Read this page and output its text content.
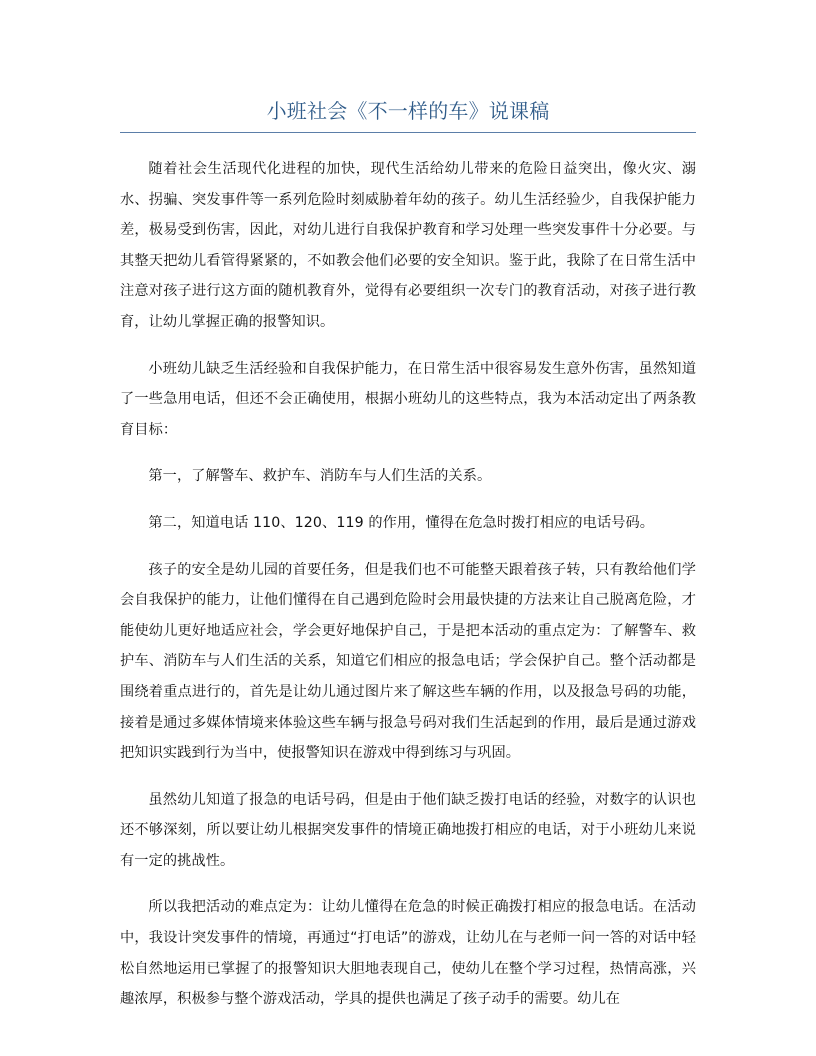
小班社会《不一样的车》说课稿

随着社会生活现代化进程的加快，现代生活给幼儿带来的危险日益突出，像火灾、溺水、拐骗、突发事件等一系列危险时刻威胁着年幼的孩子。幼儿生活经验少，自我保护能力差，极易受到伤害，因此，对幼儿进行自我保护教育和学习处理一些突发事件十分必要。与其整天把幼儿看管得紧紧的，不如教会他们必要的安全知识。鉴于此，我除了在日常生活中注意对孩子进行这方面的随机教育外，觉得有必要组织一次专门的教育活动，对孩子进行教育，让幼儿掌握正确的报警知识。

小班幼儿缺乏生活经验和自我保护能力，在日常生活中很容易发生意外伤害，虽然知道了一些急用电话，但还不会正确使用，根据小班幼儿的这些特点，我为本活动定出了两条教育目标：

第一，了解警车、救护车、消防车与人们生活的关系。

第二，知道电话 110、120、119 的作用，懂得在危急时拨打相应的电话号码。

孩子的安全是幼儿园的首要任务，但是我们也不可能整天跟着孩子转，只有教给他们学会自我保护的能力，让他们懂得在自己遇到危险时会用最快捷的方法来让自己脱离危险，才能使幼儿更好地适应社会，学会更好地保护自己，于是把本活动的重点定为：了解警车、救护车、消防车与人们生活的关系，知道它们相应的报急电话；学会保护自己。整个活动都是围绕着重点进行的，首先是让幼儿通过图片来了解这些车辆的作用，以及报急号码的功能，接着是通过多媒体情境来体验这些车辆与报急号码对我们生活起到的作用，最后是通过游戏把知识实践到行为当中，使报警知识在游戏中得到练习与巩固。

虽然幼儿知道了报急的电话号码，但是由于他们缺乏拨打电话的经验，对数字的认识也还不够深刻，所以要让幼儿根据突发事件的情境正确地拨打相应的电话，对于小班幼儿来说有一定的挑战性。

所以我把活动的难点定为：让幼儿懂得在危急的时候正确拨打相应的报急电话。在活动中，我设计突发事件的情境，再通过“打电话”的游戏，让幼儿在与老师一问一答的对话中轻松自然地运用已掌握了的报警知识大胆地表现自己，使幼儿在整个学习过程，热情高涨，兴趣浓厚，积极参与整个游戏活动，学具的提供也满足了孩子动手的需要。幼儿在
